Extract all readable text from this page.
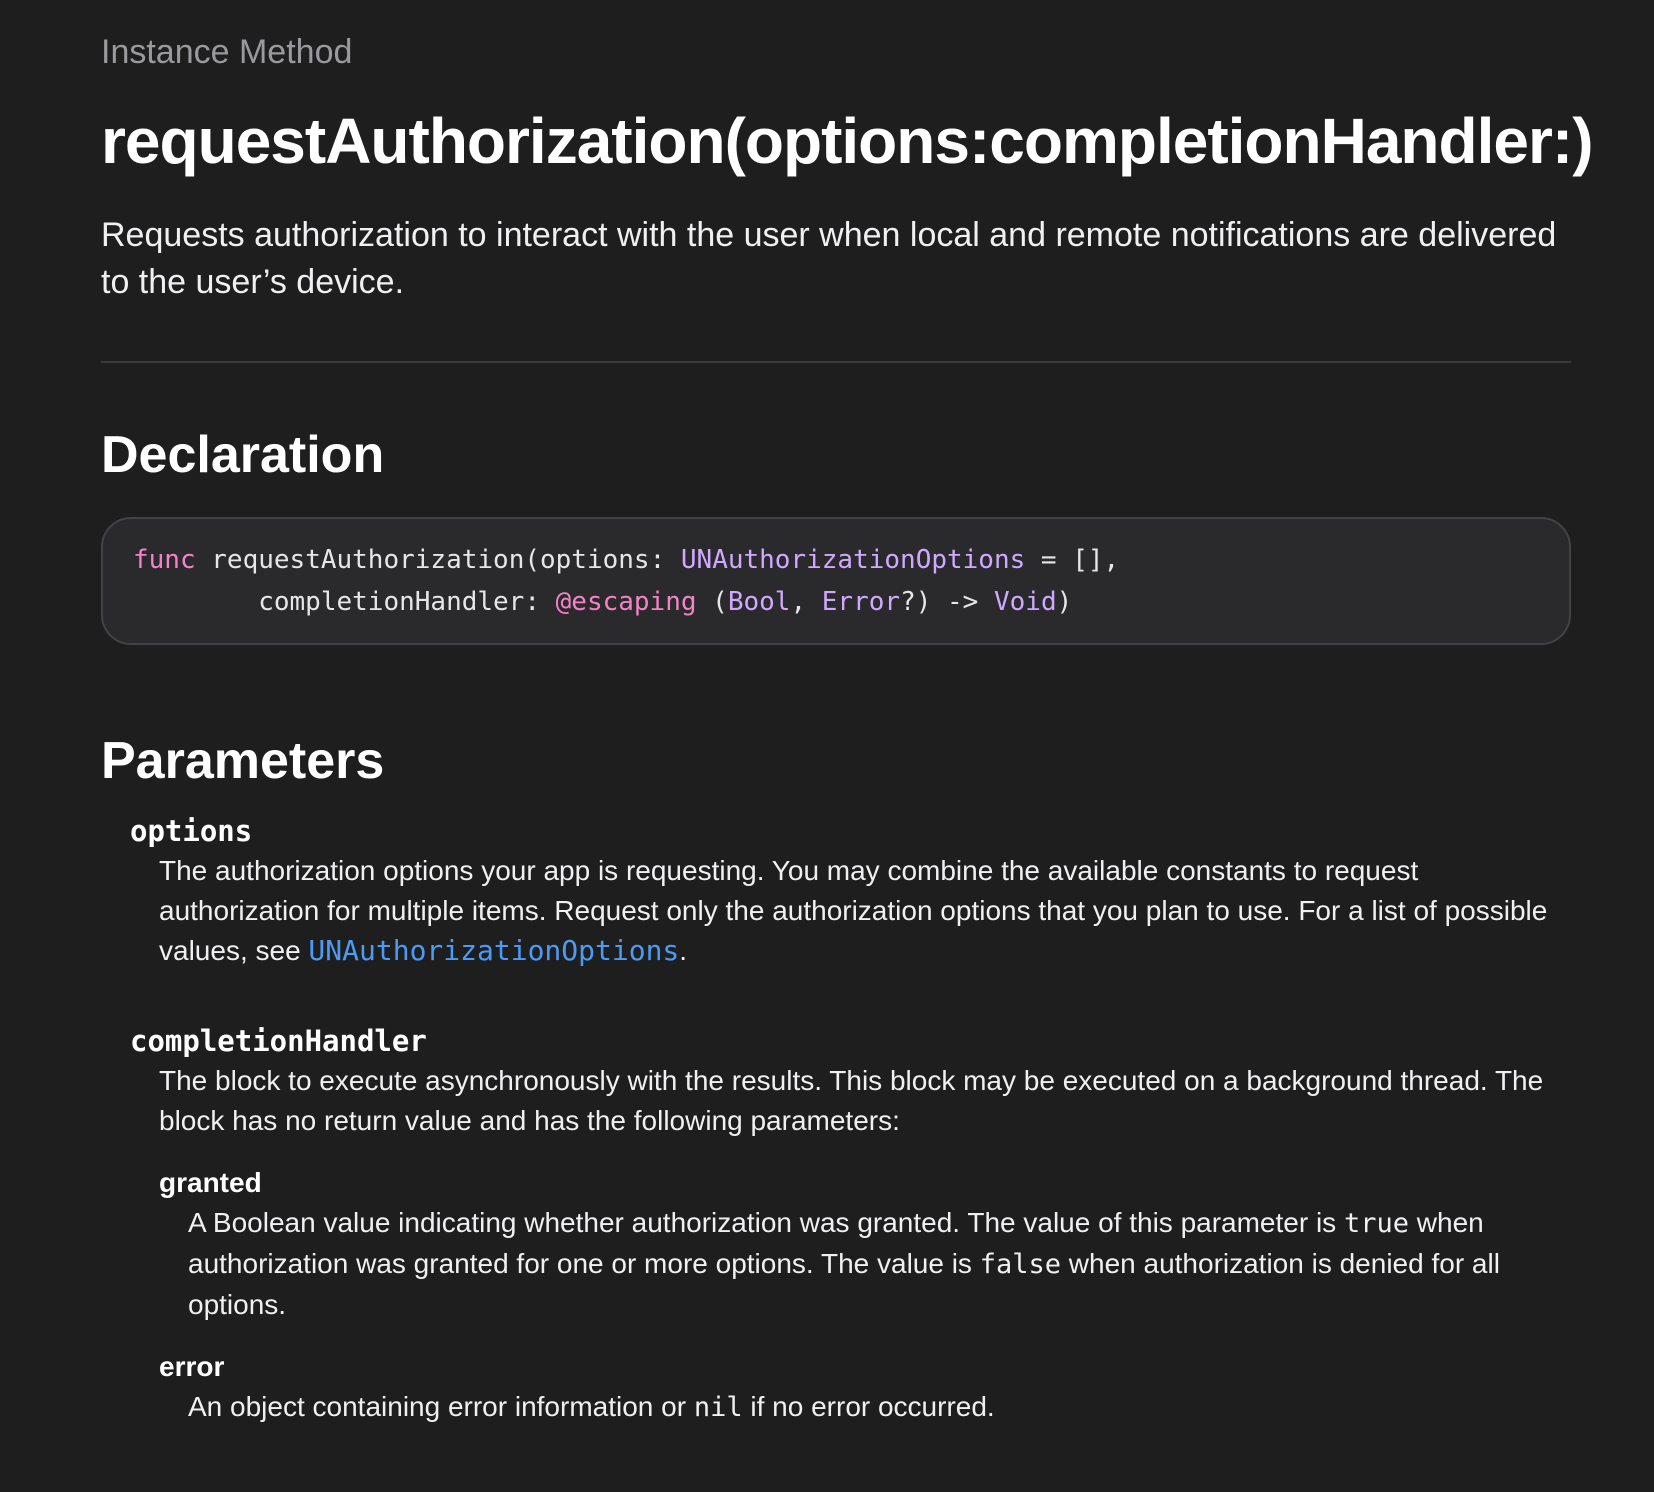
Instance Method

requestAuthorization(options:completionHandler:)

Requests authorization to interact with the user when local and remote notifications are delivered to the user’s device.

Declaration
func requestAuthorization(options: UNAuthorizationOptions = [],
completionHandler: @escaping (Bool, Error?) -> Void)
Parameters
options
The authorization options your app is requesting. You may combine the available constants to request authorization for multiple items. Request only the authorization options that you plan to use. For a list of possible values, see UNAuthorizationOptions.
completionHandler
The block to execute asynchronously with the results. This block may be executed on a background thread. The block has no return value and has the following parameters:
granted
A Boolean value indicating whether authorization was granted. The value of this parameter is true when authorization was granted for one or more options. The value is false when authorization is denied for all options.
error
An object containing error information or nil if no error occurred.
